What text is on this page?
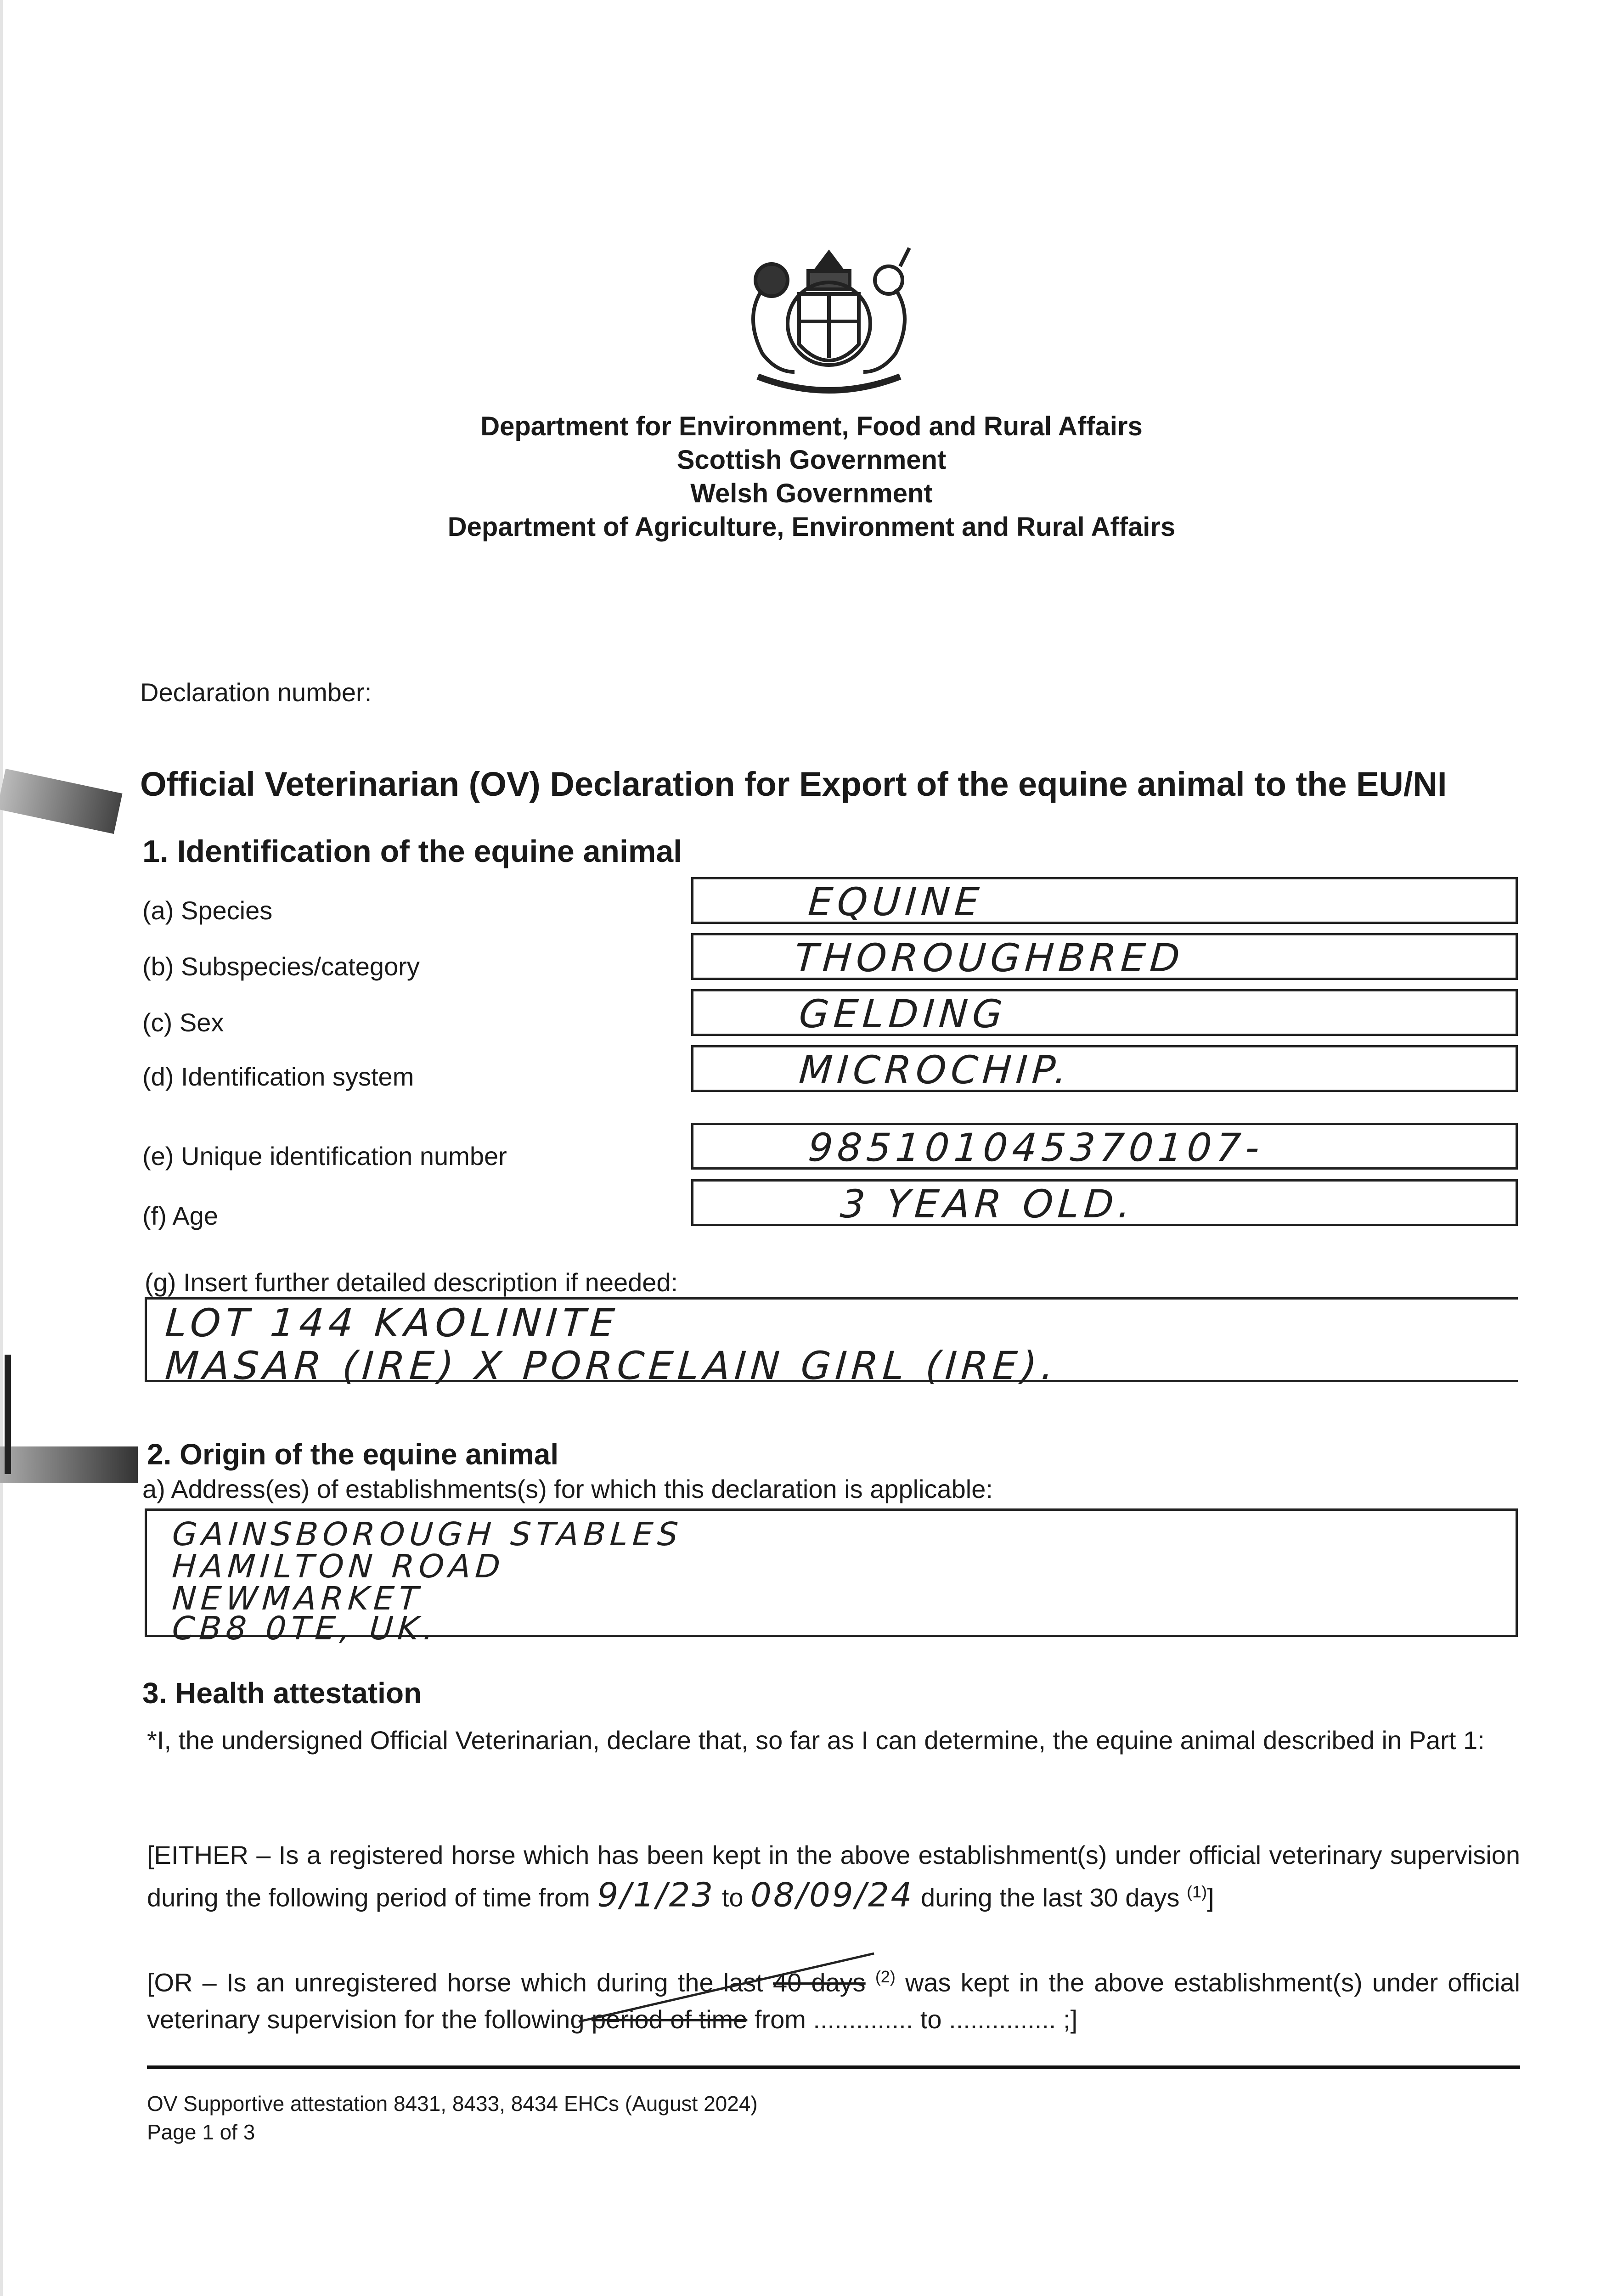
Department for Environment, Food and Rural Affairs
Scottish Government
Welsh Government
Department of Agriculture, Environment and Rural Affairs
Declaration number:
Official Veterinarian (OV) Declaration for Export of the equine animal to the EU/NI
1. Identification of the equine animal
(a) Species
(b) Subspecies/category
(c) Sex
(d) Identification system
(e) Unique identification number
(f) Age
EQUINE
THOROUGHBRED
GELDING
MICROCHIP.
985101045370107-
3 YEAR OLD.
(g) Insert further detailed description if needed:
LOT 144 KAOLINITE
MASAR (IRE) X PORCELAIN GIRL (IRE).
2. Origin of the equine animal
a) Address(es) of establishments(s) for which this declaration is applicable:
GAINSBOROUGH STABLES
HAMILTON ROAD
NEWMARKET
CB8 0TE, UK.
3. Health attestation
*I, the undersigned Official Veterinarian, declare that, so far as I can determine, the equine animal described in Part 1:
[EITHER – Is a registered horse which has been kept in the above establishment(s) under official veterinary supervision during the following period of time from 9/1/23 to 08/09/24 during the last 30 days $^{(1)}$]
[OR – Is an unregistered horse which during the last 40 days $^{(2)}$ was kept in the above establishment(s) under official veterinary supervision for the following period of time from .............. to ............... ;]
OV Supportive attestation 8431, 8433, 8434 EHCs (August 2024)
Page 1 of 3
